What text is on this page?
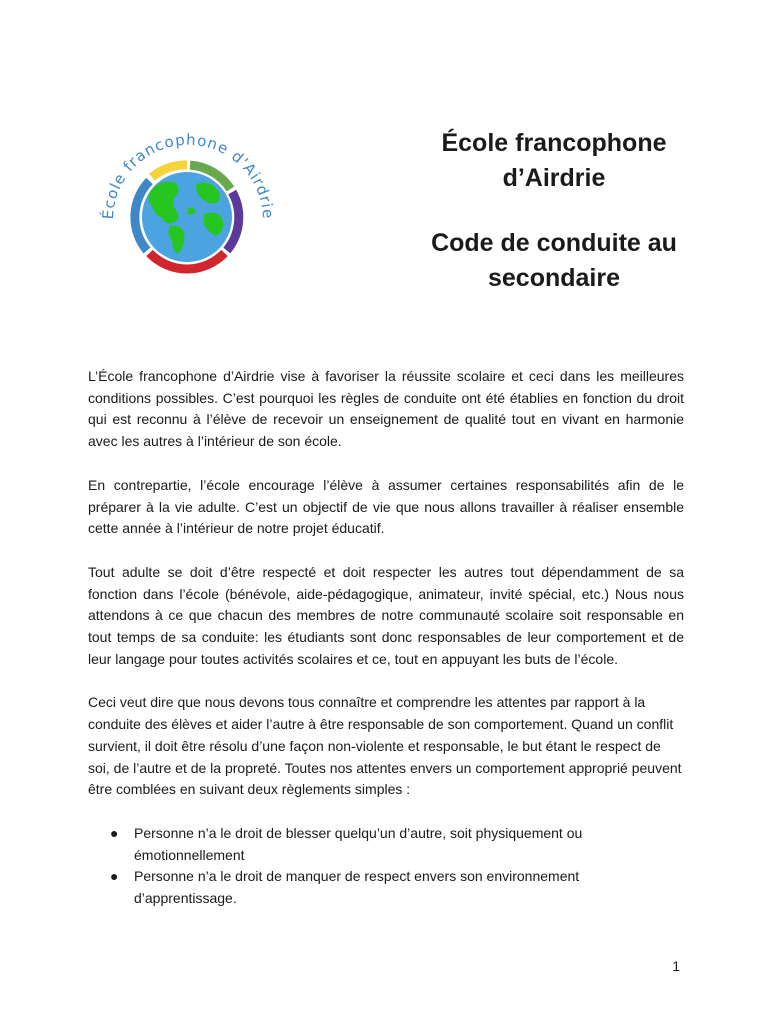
École francophone d'Airdrie
École francophone
d’Airdrie
Code de conduite au
secondaire

L’École francophone d’Airdrie vise à favoriser la réussite scolaire et ceci dans les meilleures conditions possibles. C’est pourquoi les règles de conduite ont été établies en fonction du droit qui est reconnu à l’élève de recevoir un enseignement de qualité tout en vivant en harmonie avec les autres à l’intérieur de son école.

En contrepartie, l’école encourage l’élève à assumer certaines responsabilités afin de le préparer à la vie adulte. C’est un objectif de vie que nous allons travailler à réaliser ensemble cette année à l’intérieur de notre projet éducatif.

Tout adulte se doit d’être respecté et doit respecter les autres tout dépendamment de sa fonction dans l’école (bénévole, aide-pédagogique, animateur, invité spécial, etc.) Nous nous attendons à ce que chacun des membres de notre communauté scolaire soit responsable en tout temps de sa conduite: les étudiants sont donc responsables de leur comportement et de leur langage pour toutes activités scolaires et ce, tout en appuyant les buts de l’école.

Ceci veut dire que nous devons tous connaître et comprendre les attentes par rapport à la conduite des élèves et aider l’autre à être responsable de son comportement. Quand un conflit survient, il doit être résolu d’une façon non-violente et responsable, le but étant le respect de soi, de l’autre et de la propreté. Toutes nos attentes envers un comportement approprié peuvent être comblées en suivant deux règlements simples :

● Personne n’a le droit de blesser quelqu’un d’autre, soit physiquement ou émotionnellement
● Personne n’a le droit de manquer de respect envers son environnement d’apprentissage.
1
